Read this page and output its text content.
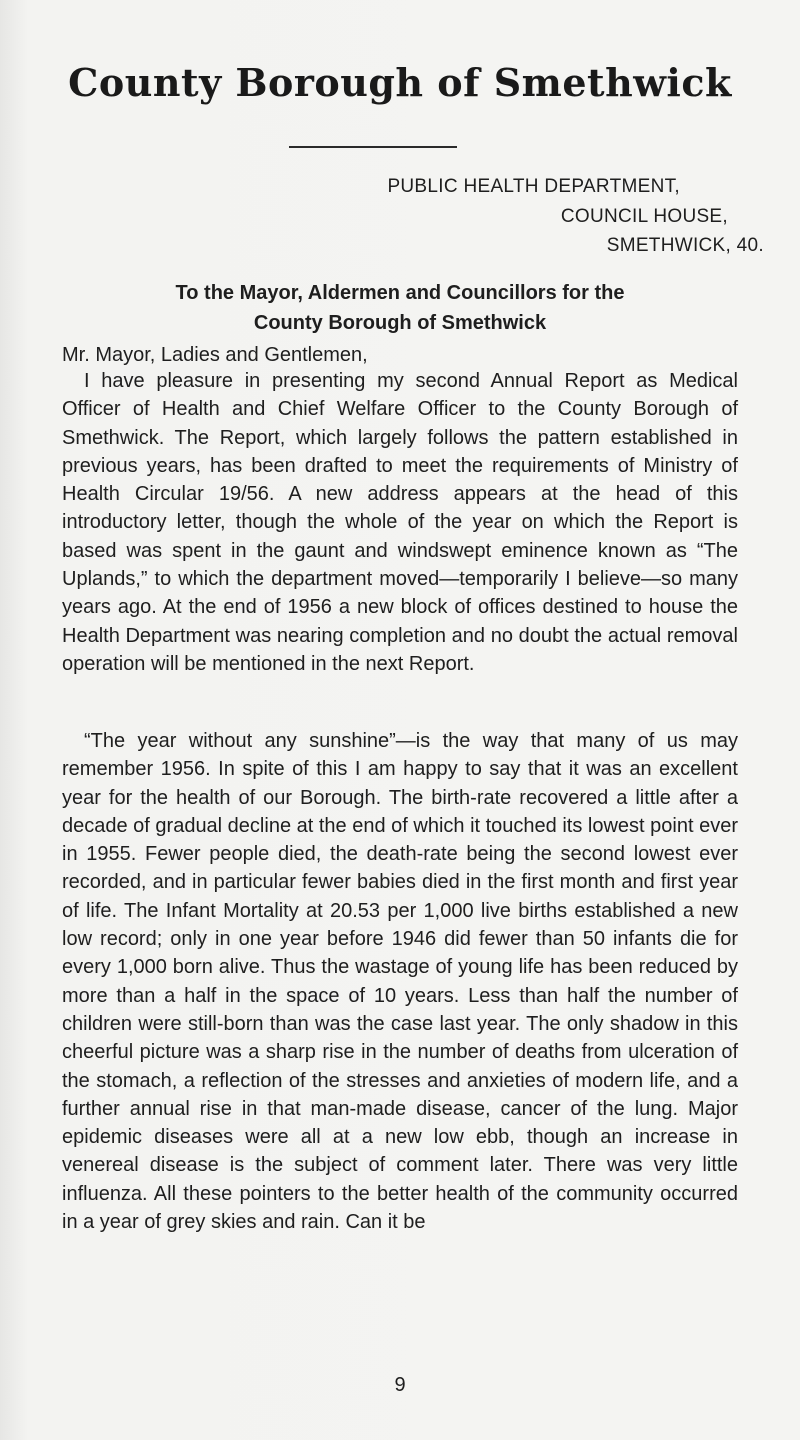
County Borough of Smethwick
PUBLIC HEALTH DEPARTMENT,
COUNCIL HOUSE,
SMETHWICK, 40.
To the Mayor, Aldermen and Councillors for the
County Borough of Smethwick
Mr. Mayor, Ladies and Gentlemen,

I have pleasure in presenting my second Annual Report as Medical Officer of Health and Chief Welfare Officer to the County Borough of Smethwick. The Report, which largely follows the pattern established in previous years, has been drafted to meet the requirements of Ministry of Health Circular 19/56. A new address appears at the head of this introductory letter, though the whole of the year on which the Report is based was spent in the gaunt and windswept eminence known as “The Uplands,” to which the department moved—temporarily I believe—so many years ago. At the end of 1956 a new block of offices destined to house the Health Department was nearing completion and no doubt the actual removal operation will be mentioned in the next Report.

“The year without any sunshine”—is the way that many of us may remember 1956. In spite of this I am happy to say that it was an excellent year for the health of our Borough. The birth-rate recovered a little after a decade of gradual decline at the end of which it touched its lowest point ever in 1955. Fewer people died, the death-rate being the second lowest ever recorded, and in particular fewer babies died in the first month and first year of life. The Infant Mortality at 20.53 per 1,000 live births established a new low record; only in one year before 1946 did fewer than 50 infants die for every 1,000 born alive. Thus the wastage of young life has been reduced by more than a half in the space of 10 years. Less than half the number of children were still-born than was the case last year. The only shadow in this cheerful picture was a sharp rise in the number of deaths from ulceration of the stomach, a reflection of the stresses and anxieties of modern life, and a further annual rise in that man-made disease, cancer of the lung. Major epidemic diseases were all at a new low ebb, though an increase in venereal disease is the subject of comment later. There was very little influenza. All these pointers to the better health of the community occurred in a year of grey skies and rain. Can it be

9
